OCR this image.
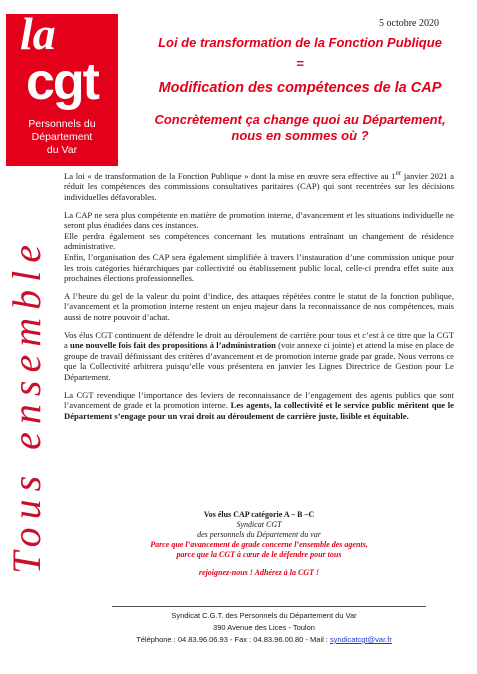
la
cgt
Personnels du
Département
du Var
5 octobre 2020
Loi de transformation de la Fonction Publique
=
Modification des compétences de la CAP
Concrètement ça change quoi au Département,
nous en sommes où ?
Tous ensemble

La loi « de transformation de la Fonction Publique » dont la mise en œuvre sera effective au 1er janvier 2021 a réduit les compétences des commissions consultatives paritaires (CAP) qui sont recentrées sur les décisions individuelles défavorables.

La CAP ne sera plus compétente en matière de promotion interne, d’avancement et les situations individuelle ne seront plus étudiées dans ces instances.

Elle perdra également ses compétences concernant les mutations entraînant un changement de résidence administrative.

Enfin, l’organisation des CAP sera également simplifiée à travers l’instauration d’une commission unique pour les trois catégories hiérarchiques par collectivité ou établissement public local, celle-ci prendra effet suite aux prochaines élections professionnelles.

A l’heure du gel de la valeur du point d’indice, des attaques répétées contre le statut de la fonction publique, l’avancement et la promotion interne restent un enjeu majeur dans la reconnaissance de nos compétences, mais aussi de notre pouvoir d’achat.

Vos élus CGT continuent de défendre le droit au déroulement de carrière pour tous et c’est à ce titre que la CGT a une nouvelle fois fait des propositions à l’administration (voir annexe ci jointe) et attend la mise en place de groupe de travail définissant des critères d’avancement et de promotion interne grade par grade. Nous verrons ce que la Collectivité arbitrera puisqu’elle vous présentera en janvier les Lignes Directrice de Gestion pour Le Département.

La CGT revendique l’importance des leviers de reconnaissance de l’engagement des agents publics que sont l’avancement de grade et la promotion interne. Les agents, la collectivité et le service public méritent que le Département s’engage pour un vrai droit au déroulement de carrière juste, lisible et équitable.

Vos élus CAP catégorie A – B –C
Syndicat CGT
des personnels du Département du var
Parce que l’avancement de grade concerne l’ensemble des agents,
parce que la CGT à cœur de le défendre pour tous
rejoignez-nous ! Adhérez à la CGT !
Syndicat C.G.T. des Personnels du Département du Var
390 Avenue des Lices - Toulon
Téléphone : 04.83.96.06.93 - Fax : 04.83.96.00.80 - Mail : syndicatcgt@var.fr
